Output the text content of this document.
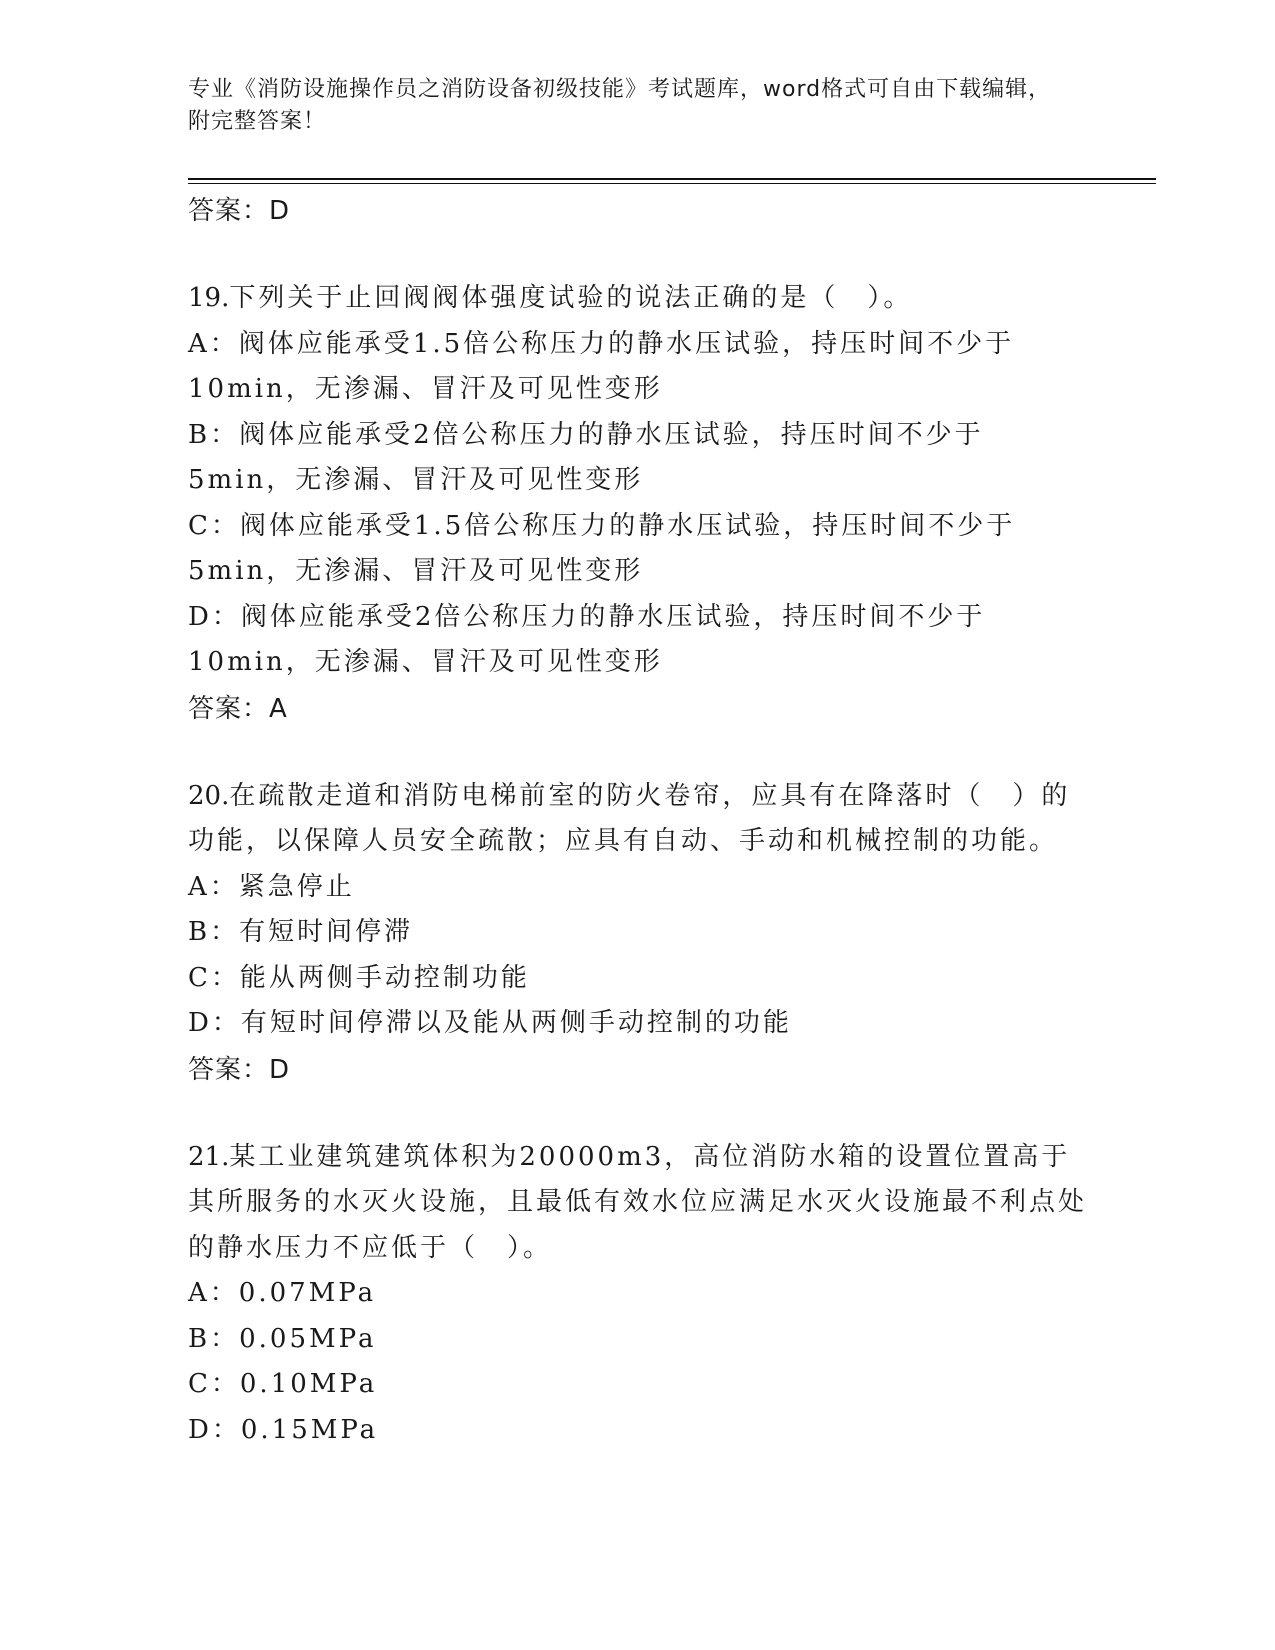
专业《消防设施操作员之消防设备初级技能》考试题库，word格式可自由下载编辑，附完整答案！
答案：D
19.下列关于止回阀阀体强度试验的说法正确的是（　）。
A：阀体应能承受1.5倍公称压力的静水压试验，持压时间不少于10min，无渗漏、冒汗及可见性变形
B：阀体应能承受2倍公称压力的静水压试验，持压时间不少于5min，无渗漏、冒汗及可见性变形
C：阀体应能承受1.5倍公称压力的静水压试验，持压时间不少于5min，无渗漏、冒汗及可见性变形
D：阀体应能承受2倍公称压力的静水压试验，持压时间不少于10min，无渗漏、冒汗及可见性变形
答案：A
20.在疏散走道和消防电梯前室的防火卷帘，应具有在降落时（　）的功能，以保障人员安全疏散；应具有自动、手动和机械控制的功能。
A：紧急停止
B：有短时间停滞
C：能从两侧手动控制功能
D：有短时间停滞以及能从两侧手动控制的功能
答案：D
21.某工业建筑建筑体积为20000m3，高位消防水箱的设置位置高于其所服务的水灭火设施，且最低有效水位应满足水灭火设施最不利点处的静水压力不应低于（　）。
A：0.07MPa
B：0.05MPa
C：0.10MPa
D：0.15MPa
